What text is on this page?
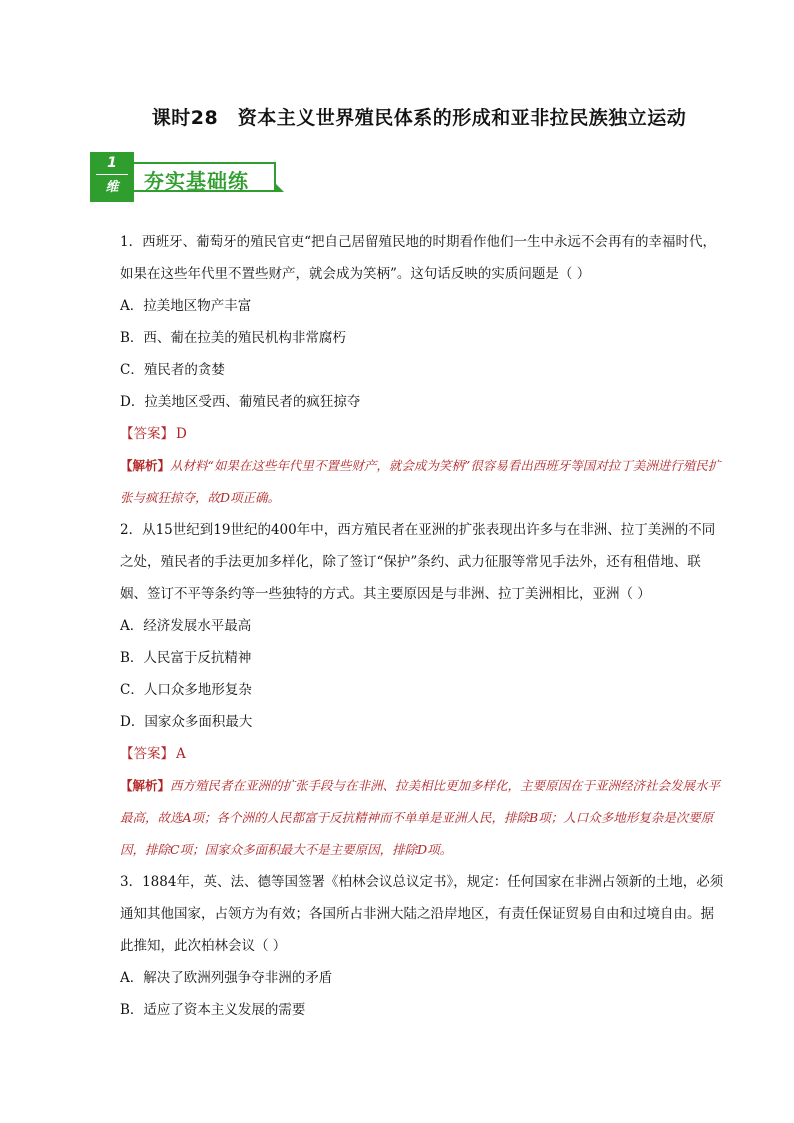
课时28　资本主义世界殖民体系的形成和亚非拉民族独立运动
1
维	夯实基础练

1．西班牙、葡萄牙的殖民官吏“把自己居留殖民地的时期看作他们一生中永远不会再有的幸福时代，如果在这些年代里不置些财产，就会成为笑柄”。这句话反映的实质问题是（ ）

A．拉美地区物产丰富

B．西、葡在拉美的殖民机构非常腐朽

C．殖民者的贪婪

D．拉美地区受西、葡殖民者的疯狂掠夺

【答案】 D

【解析】从材料“如果在这些年代里不置些财产，就会成为笑柄”很容易看出西班牙等国对拉丁美洲进行殖民扩张与疯狂掠夺，故D项正确。

2．从15世纪到19世纪的400年中，西方殖民者在亚洲的扩张表现出许多与在非洲、拉丁美洲的不同之处，殖民者的手法更加多样化，除了签订“保护”条约、武力征服等常见手法外，还有租借地、联姻、签订不平等条约等一些独特的方式。其主要原因是与非洲、拉丁美洲相比，亚洲（ ）

A．经济发展水平最高

B．人民富于反抗精神

C．人口众多地形复杂

D．国家众多面积最大

【答案】 A

【解析】西方殖民者在亚洲的扩张手段与在非洲、拉美相比更加多样化，主要原因在于亚洲经济社会发展水平最高，故选A项；各个洲的人民都富于反抗精神而不单单是亚洲人民，排除B项；人口众多地形复杂是次要原因，排除C项；国家众多面积最大不是主要原因，排除D项。

3．1884年，英、法、德等国签署《柏林会议总议定书》，规定：任何国家在非洲占领新的土地，必须通知其他国家，占领方为有效；各国所占非洲大陆之沿岸地区，有责任保证贸易自由和过境自由。据此推知，此次柏林会议（ ）

A．解决了欧洲列强争夺非洲的矛盾

B．适应了资本主义发展的需要
